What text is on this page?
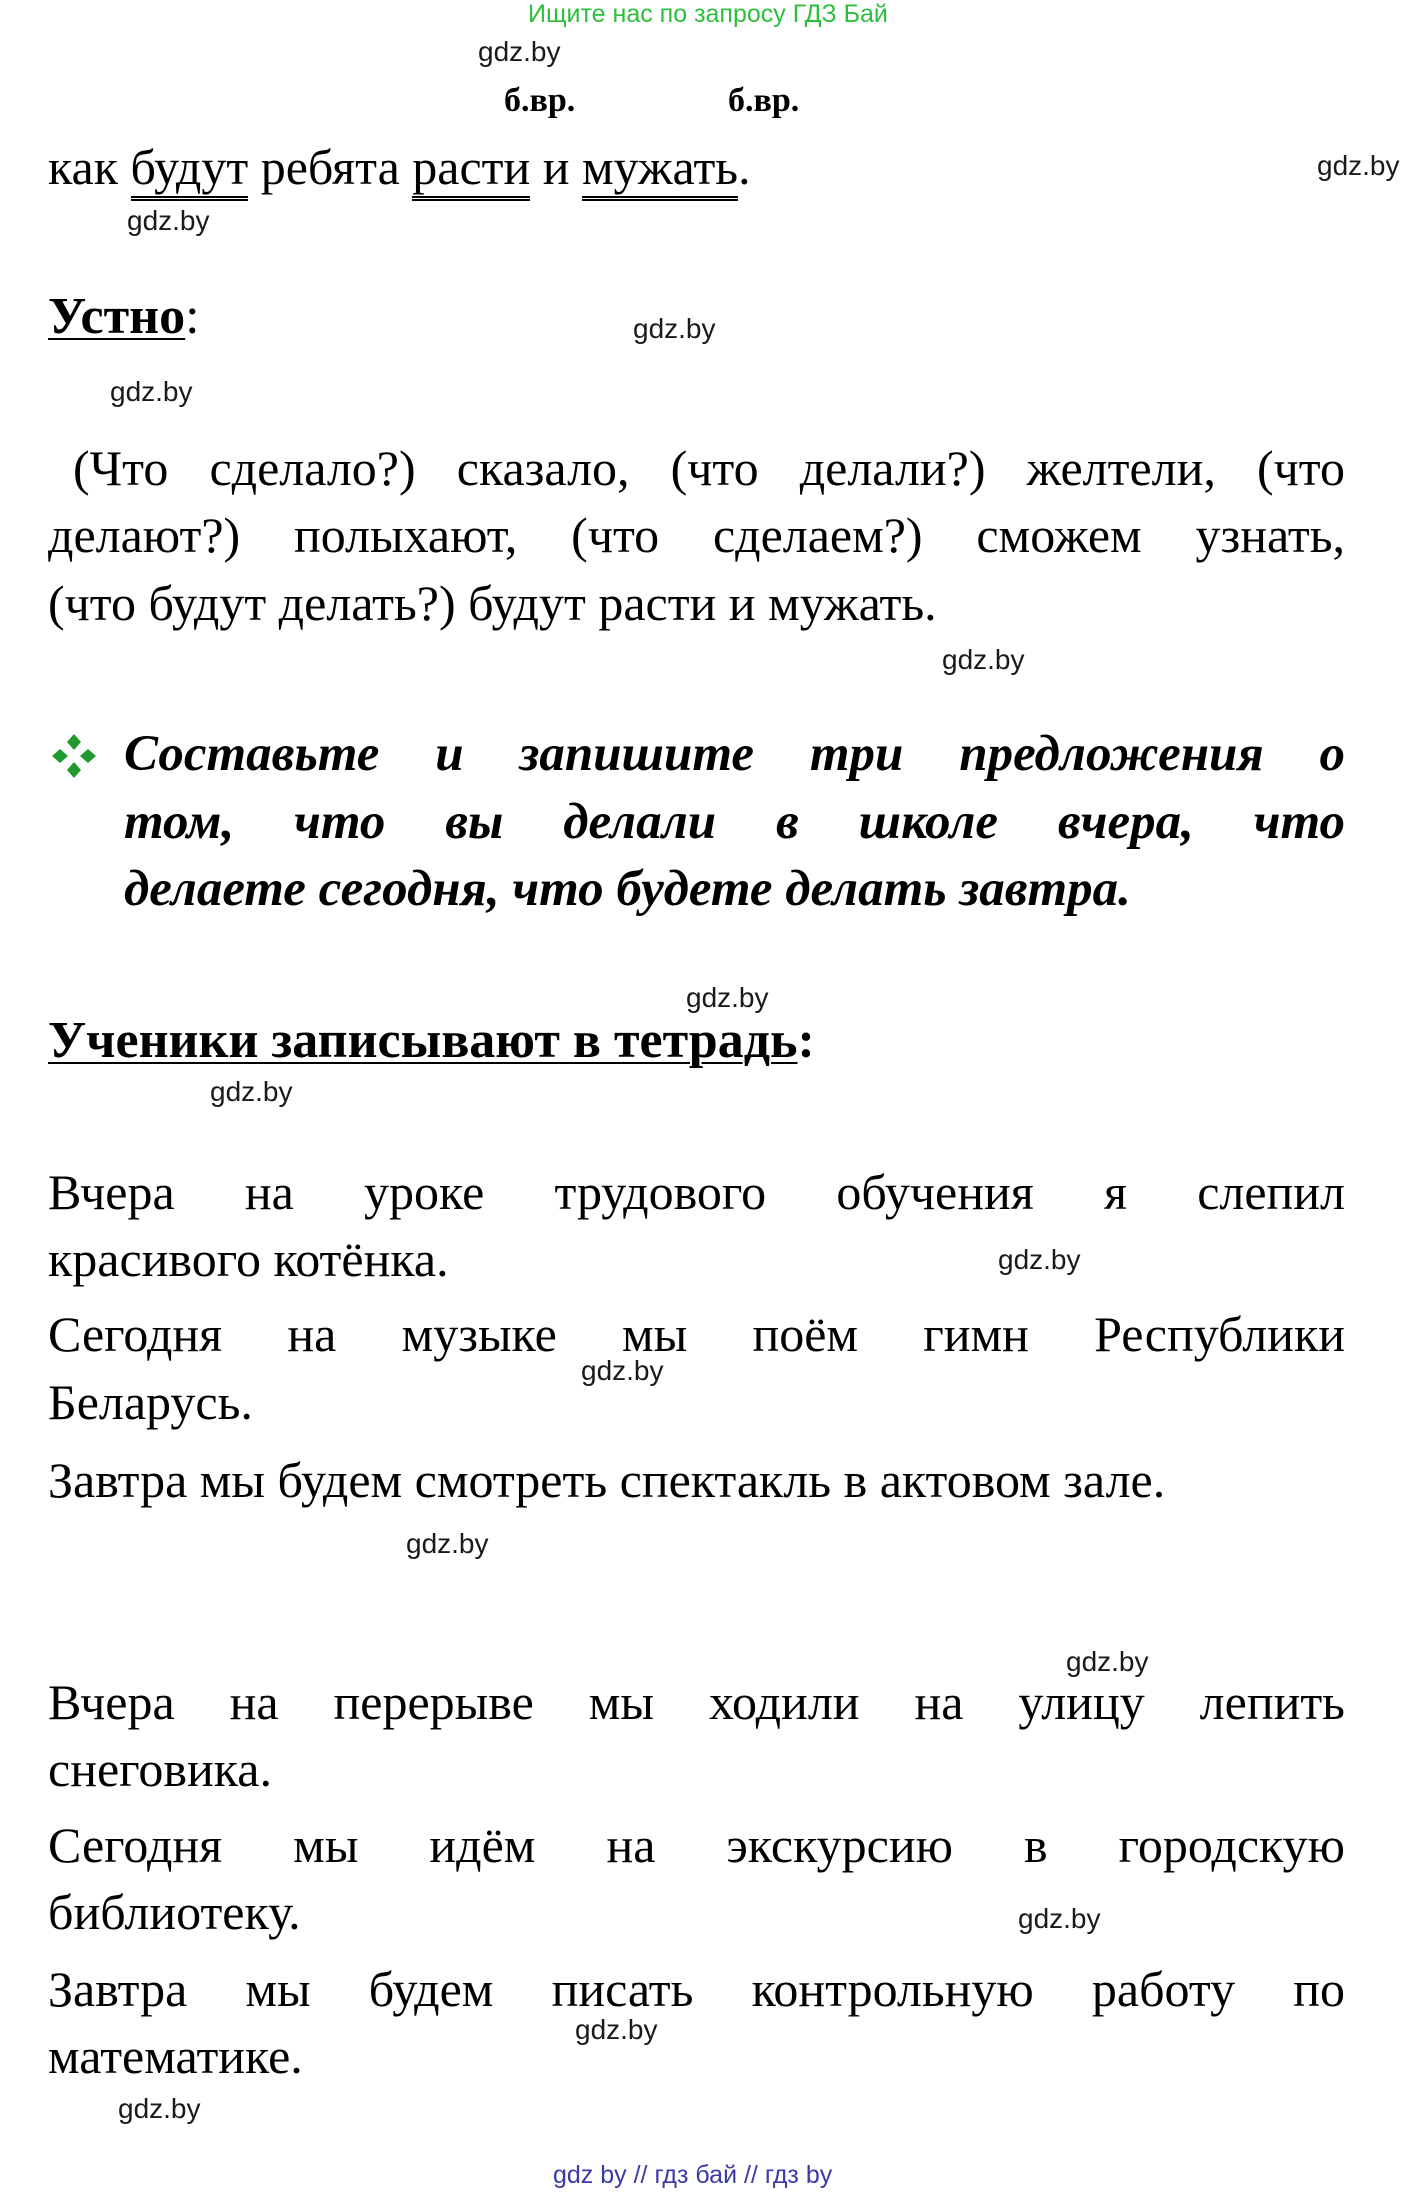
Ищите нас по запросу ГДЗ Бай
gdz.by
gdz.by
gdz.by
gdz.by
gdz.by
gdz.by
gdz.by
gdz.by
gdz.by
gdz.by
gdz.by
gdz.by
gdz.by
gdz.by
gdz.by
б.вр.	б.вр.
как будут ребята расти и мужать.
Устно:
(Что сделало?) сказало, (что делали?) желтели, (что
делают?) полыхают, (что сделаем?) сможем узнать,
(что будут делать?) будут расти и мужать.
Составьте и запишите три предложения о
том, что вы делали в школе вчера, что
делаете сегодня, что будете делать завтра.
Ученики записывают в тетрадь:
Вчера на уроке трудового обучения я слепил
красивого котёнка.
Сегодня на музыке мы поём гимн Республики
Беларусь.
Завтра мы будем смотреть спектакль в актовом зале.
Вчера на перерыве мы ходили на улицу лепить
снеговика.
Сегодня мы идём на экскурсию в городскую
библиотеку.
Завтра мы будем писать контрольную работу по
математике.
gdz by // гдз бай // гдз by
